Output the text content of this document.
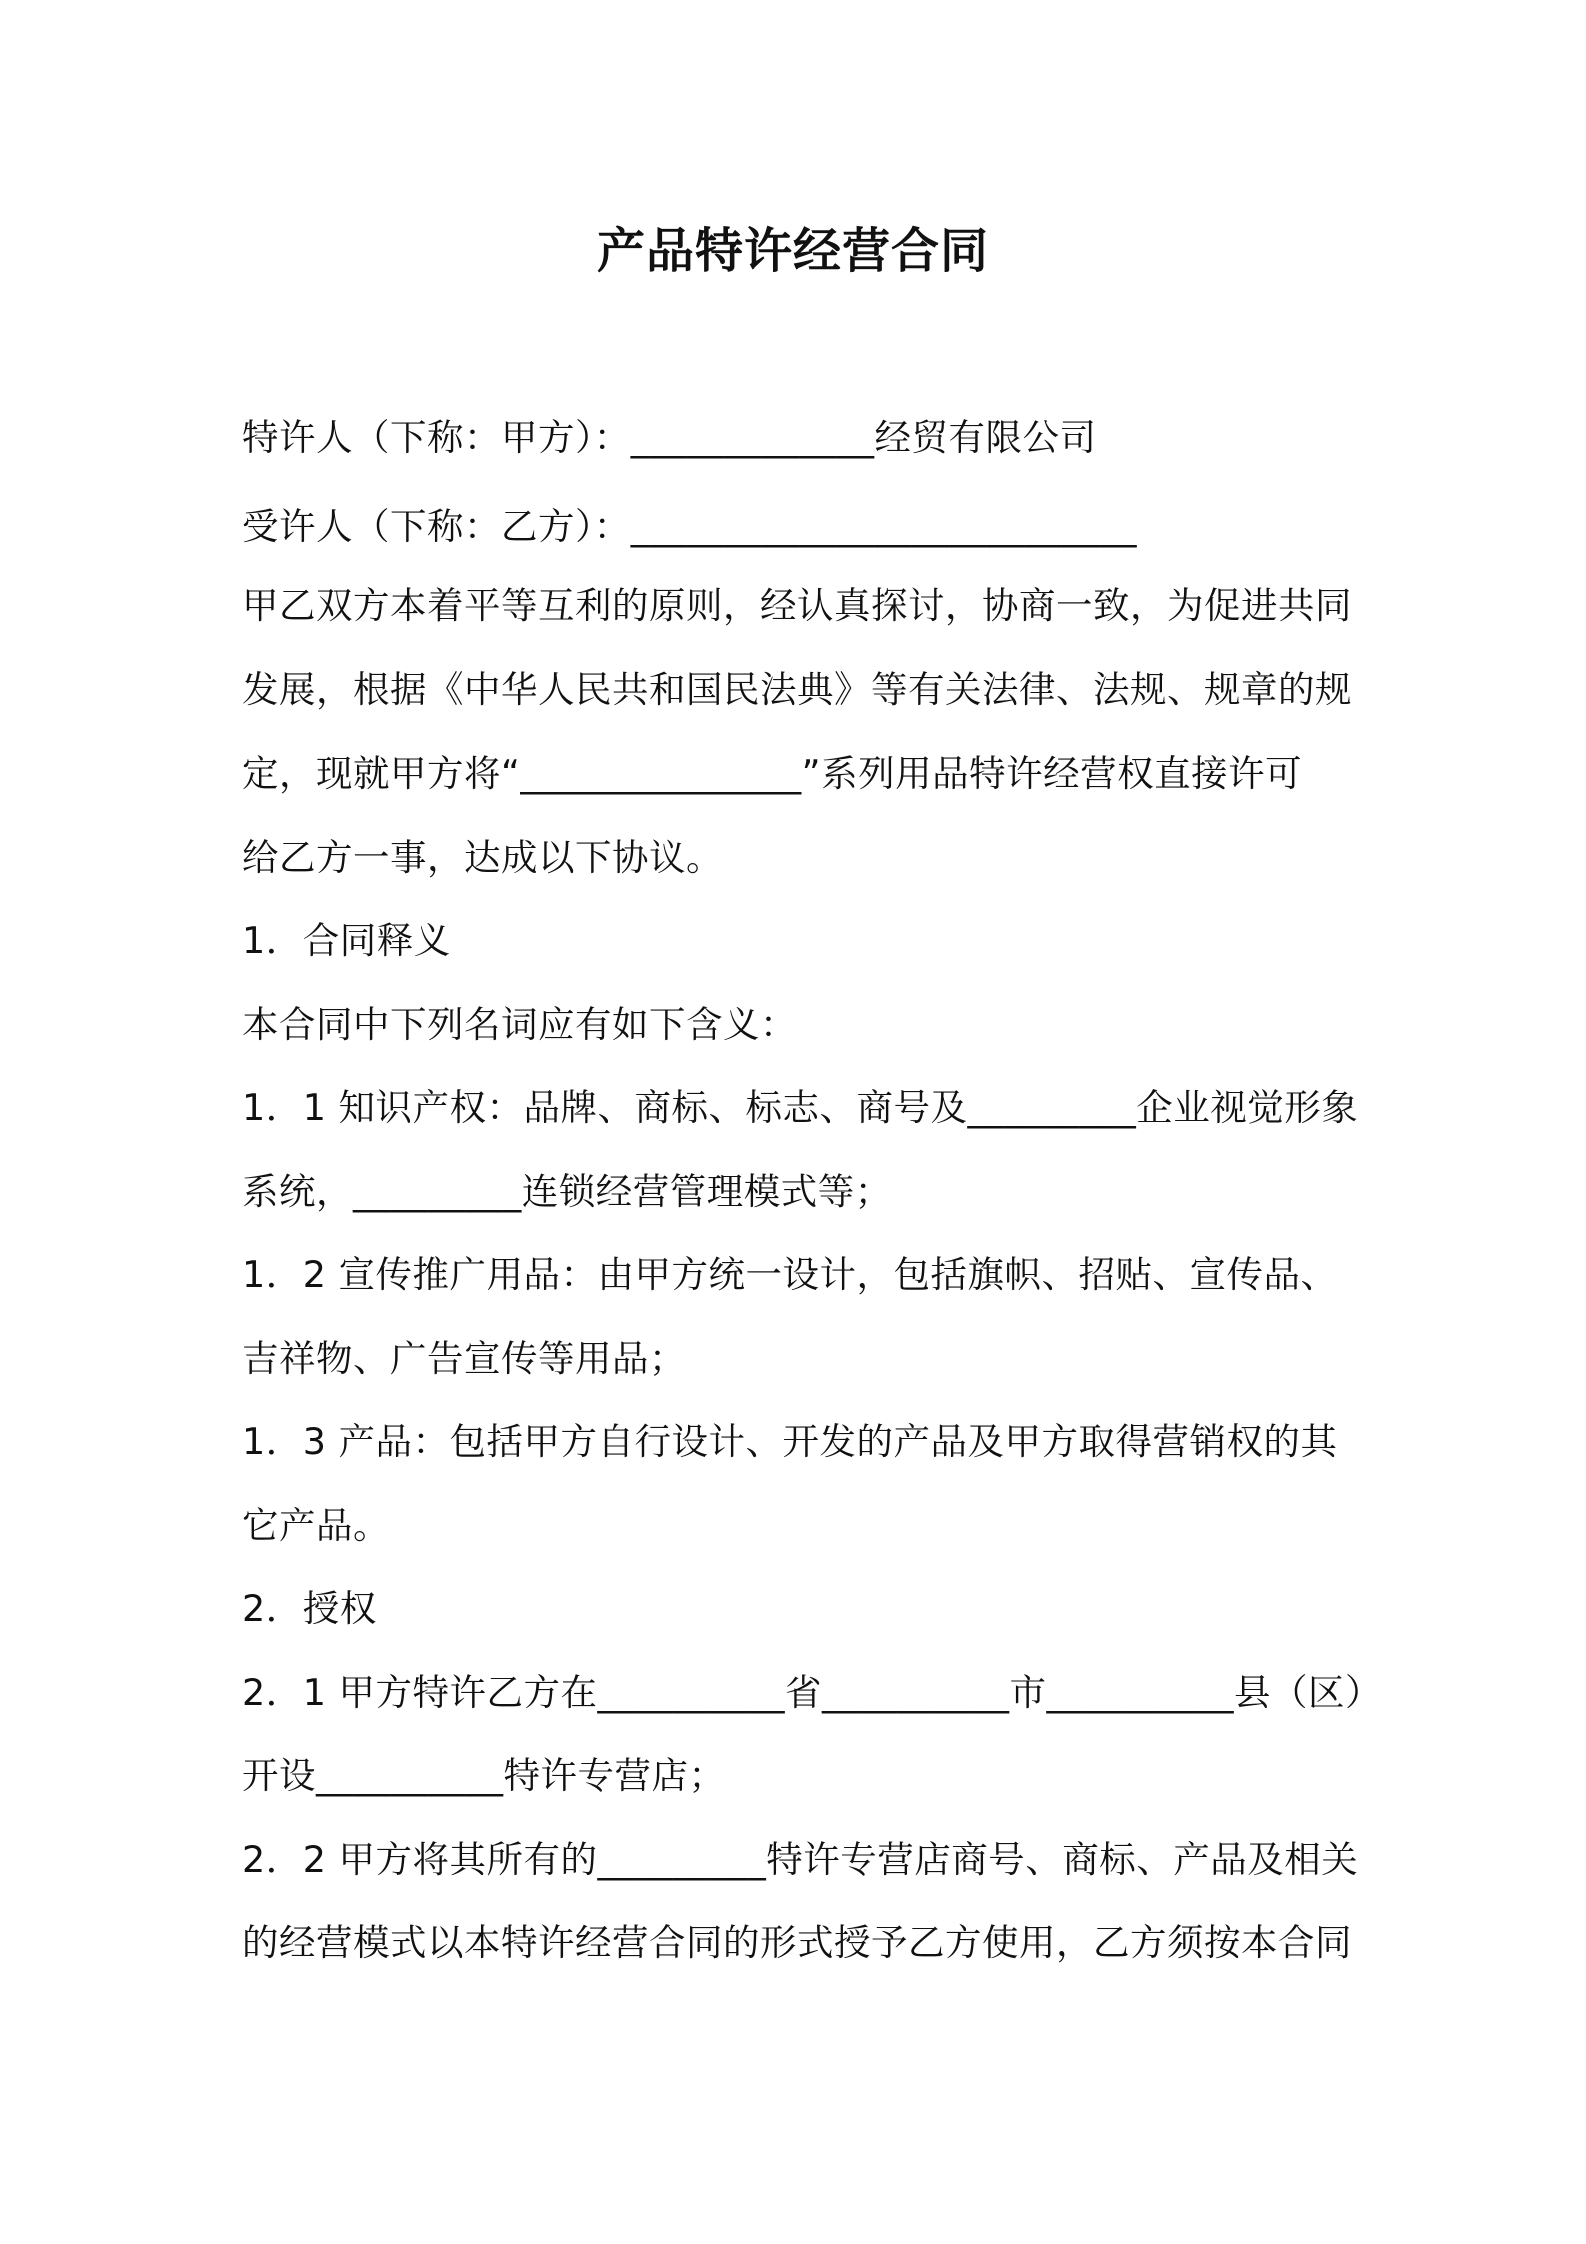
产品特许经营合同
特许人（下称：甲方）：_____________经贸有限公司
受许人（下称：乙方）：___________________________
甲乙双方本着平等互利的原则，经认真探讨，协商一致，为促进共同
发展，根据《中华人民共和国民法典》等有关法律、法规、规章的规
定，现就甲方将“_______________”系列用品特许经营权直接许可
给乙方一事，达成以下协议。
1．合同释义
本合同中下列名词应有如下含义：
1．1 知识产权：品牌、商标、标志、商号及_________企业视觉形象
系统，_________连锁经营管理模式等；
1．2 宣传推广用品：由甲方统一设计，包括旗帜、招贴、宣传品、
吉祥物、广告宣传等用品；
1．3 产品：包括甲方自行设计、开发的产品及甲方取得营销权的其
它产品。
2．授权
2．1 甲方特许乙方在__________省__________市__________县（区）
开设__________特许专营店；
2．2 甲方将其所有的_________特许专营店商号、商标、产品及相关
的经营模式以本特许经营合同的形式授予乙方使用，乙方须按本合同
